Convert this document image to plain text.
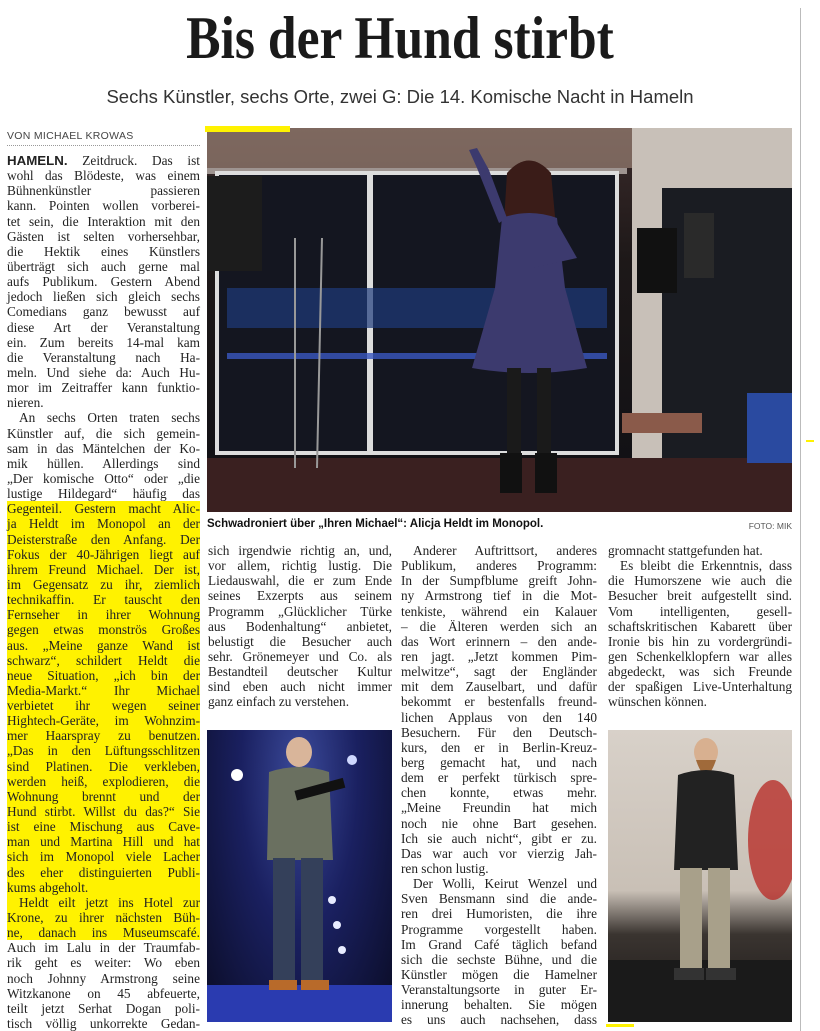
Bis der Hund stirbt
Sechs Künstler, sechs Orte, zwei G: Die 14. Komische Nacht in Hameln
VON MICHAEL KROWAS
HAMELN. Zeitdruck. Das ist
wohl das Blödeste, was einem
Bühnenkünstler passieren
kann. Pointen wollen vorberei-
tet sein, die Interaktion mit den
Gästen ist selten vorhersehbar,
die Hektik eines Künstlers
überträgt sich auch gerne mal
aufs Publikum. Gestern Abend
jedoch ließen sich gleich sechs
Comedians ganz bewusst auf
diese Art der Veranstaltung
ein. Zum bereits 14-mal kam
die Veranstaltung nach Ha-
meln. Und siehe da: Auch Hu-
mor im Zeitraffer kann funktio-
nieren.
An sechs Orten traten sechs
Künstler auf, die sich gemein-
sam in das Mäntelchen der Ko-
mik hüllen. Allerdings sind
„Der komische Otto“ oder „die
lustige Hildegard“ häufig das
Gegenteil. Gestern macht Alic-
ja Heldt im Monopol an der
Deisterstraße den Anfang. Der
Fokus der 40-Jährigen liegt auf
ihrem Freund Michael. Der ist,
im Gegensatz zu ihr, ziemlich
technikaffin. Er tauscht den
Fernseher in ihrer Wohnung
gegen etwas monströs Großes
aus. „Meine ganze Wand ist
schwarz“, schildert Heldt die
neue Situation, „ich bin der
Media-Markt.“ Ihr Michael
verbietet ihr wegen seiner
Hightech-Geräte, im Wohnzim-
mer Haarspray zu benutzen.
„Das in den Lüftungsschlitzen
sind Platinen. Die verkleben,
werden heiß, explodieren, die
Wohnung brennt und der
Hund stirbt. Willst du das?“ Sie
ist eine Mischung aus Cave-
man und Martina Hill und hat
sich im Monopol viele Lacher
des eher distinguierten Publi-
kums abgeholt.
Heldt eilt jetzt ins Hotel zur
Krone, zu ihrer nächsten Büh-
ne, danach ins Museumscafé.
Auch im Lalu in der Traumfab-
rik geht es weiter: Wo eben
noch Johnny Armstrong seine
Witzkanone on 45 abfeuerte,
teilt jetzt Serhat Dogan poli-
tisch völlig unkorrekte Gedan-
sich irgendwie richtig an, und,
vor allem, richtig lustig. Die
Liedauswahl, die er zum Ende
seines Exzerpts aus seinem
Programm „Glücklicher Türke
aus Bodenhaltung“ anbietet,
belustigt die Besucher auch
sehr. Grönemeyer und Co. als
Bestandteil deutscher Kultur
sind eben auch nicht immer
ganz einfach zu verstehen.
Anderer Auftrittsort, anderes
Publikum, anderes Programm:
In der Sumpfblume greift John-
ny Armstrong tief in die Mot-
tenkiste, während ein Kalauer
– die Älteren werden sich an
das Wort erinnern – den ande-
ren jagt. „Jetzt kommen Pim-
melwitze“, sagt der Engländer
mit dem Zauselbart, und dafür
bekommt er bestenfalls freund-
lichen Applaus von den 140
Besuchern. Für den Deutsch-
kurs, den er in Berlin-Kreuz-
berg gemacht hat, und nach
dem er perfekt türkisch spre-
chen konnte, etwas mehr.
„Meine Freundin hat mich
noch nie ohne Bart gesehen.
Ich sie auch nicht“, gibt er zu.
Das war auch vor vierzig Jah-
ren schon lustig.
Der Wolli, Keirut Wenzel und
Sven Bensmann sind die ande-
ren drei Humoristen, die ihre
Programme vorgestellt haben.
Im Grand Café täglich befand
sich die sechste Bühne, und die
Künstler mögen die Hamelner
Veranstaltungsorte in guter Er-
innerung behalten. Sie mögen
es uns auch nachsehen, dass
gromnacht stattgefunden hat.
Es bleibt die Erkenntnis, dass
die Humorszene wie auch die
Besucher breit aufgestellt sind.
Vom intelligenten, gesell-
schaftskritischen Kabarett über
Ironie bis hin zu vordergründi-
gen Schenkelklopfern war alles
abgedeckt, was sich Freunde
der spaßigen Live-Unterhaltung
wünschen können.
Schwadroniert über „Ihren Michael“: Alicja Heldt im Monopol.	FOTO: MIK
